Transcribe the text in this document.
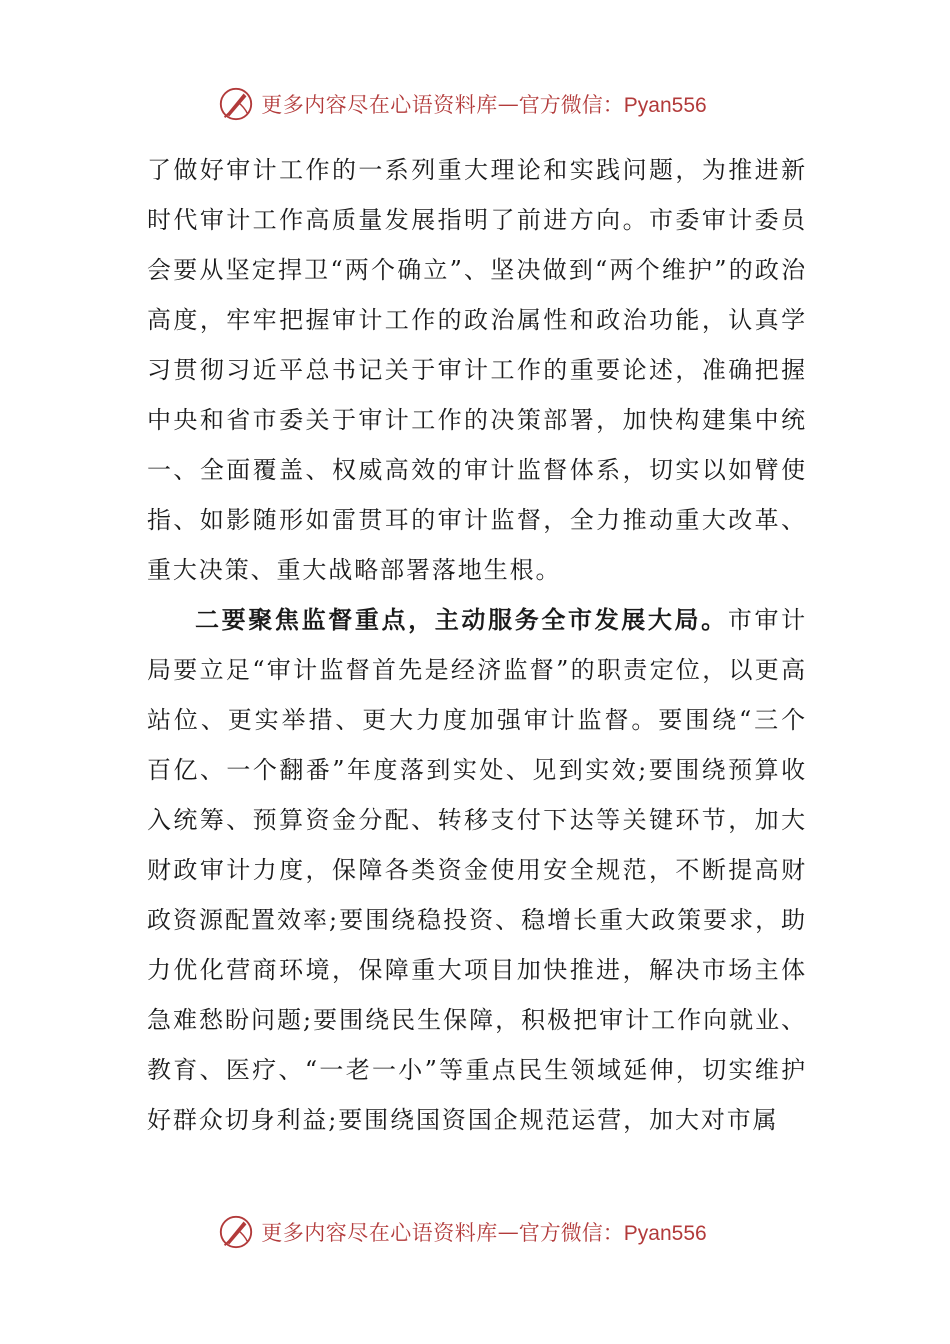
更多内容尽在心语资料库 — 官方微信：Pyan556

了做好审计工作的一系列重大理论和实践问题，为推进新时代审计工作高质量发展指明了前进方向。市委审计委员会要从坚定捍卫“两个确立”、坚决做到“两个维护”的政治高度，牢牢把握审计工作的政治属性和政治功能，认真学习贯彻习近平总书记关于审计工作的重要论述，准确把握中央和省市委关于审计工作的决策部署，加快构建集中统一、全面覆盖、权威高效的审计监督体系，切实以如臂使指、如影随形如雷贯耳的审计监督，全力推动重大改革、重大决策、重大战略部署落地生根。

二要聚焦监督重点，主动服务全市发展大局。市审计局要立足“审计监督首先是经济监督”的职责定位，以更高站位、更实举措、更大力度加强审计监督。要围绕“三个百亿、一个翻番”年度落到实处、见到实效;要围绕预算收入统筹、预算资金分配、转移支付下达等关键环节，加大财政审计力度，保障各类资金使用安全规范，不断提高财政资源配置效率;要围绕稳投资、稳增长重大政策要求，助力优化营商环境，保障重大项目加快推进，解决市场主体急难愁盼问题;要围绕民生保障，积极把审计工作向就业、教育、医疗、“一老一小”等重点民生领域延伸，切实维护好群众切身利益;要围绕国资国企规范运营，加大对市属

更多内容尽在心语资料库 — 官方微信：Pyan556
